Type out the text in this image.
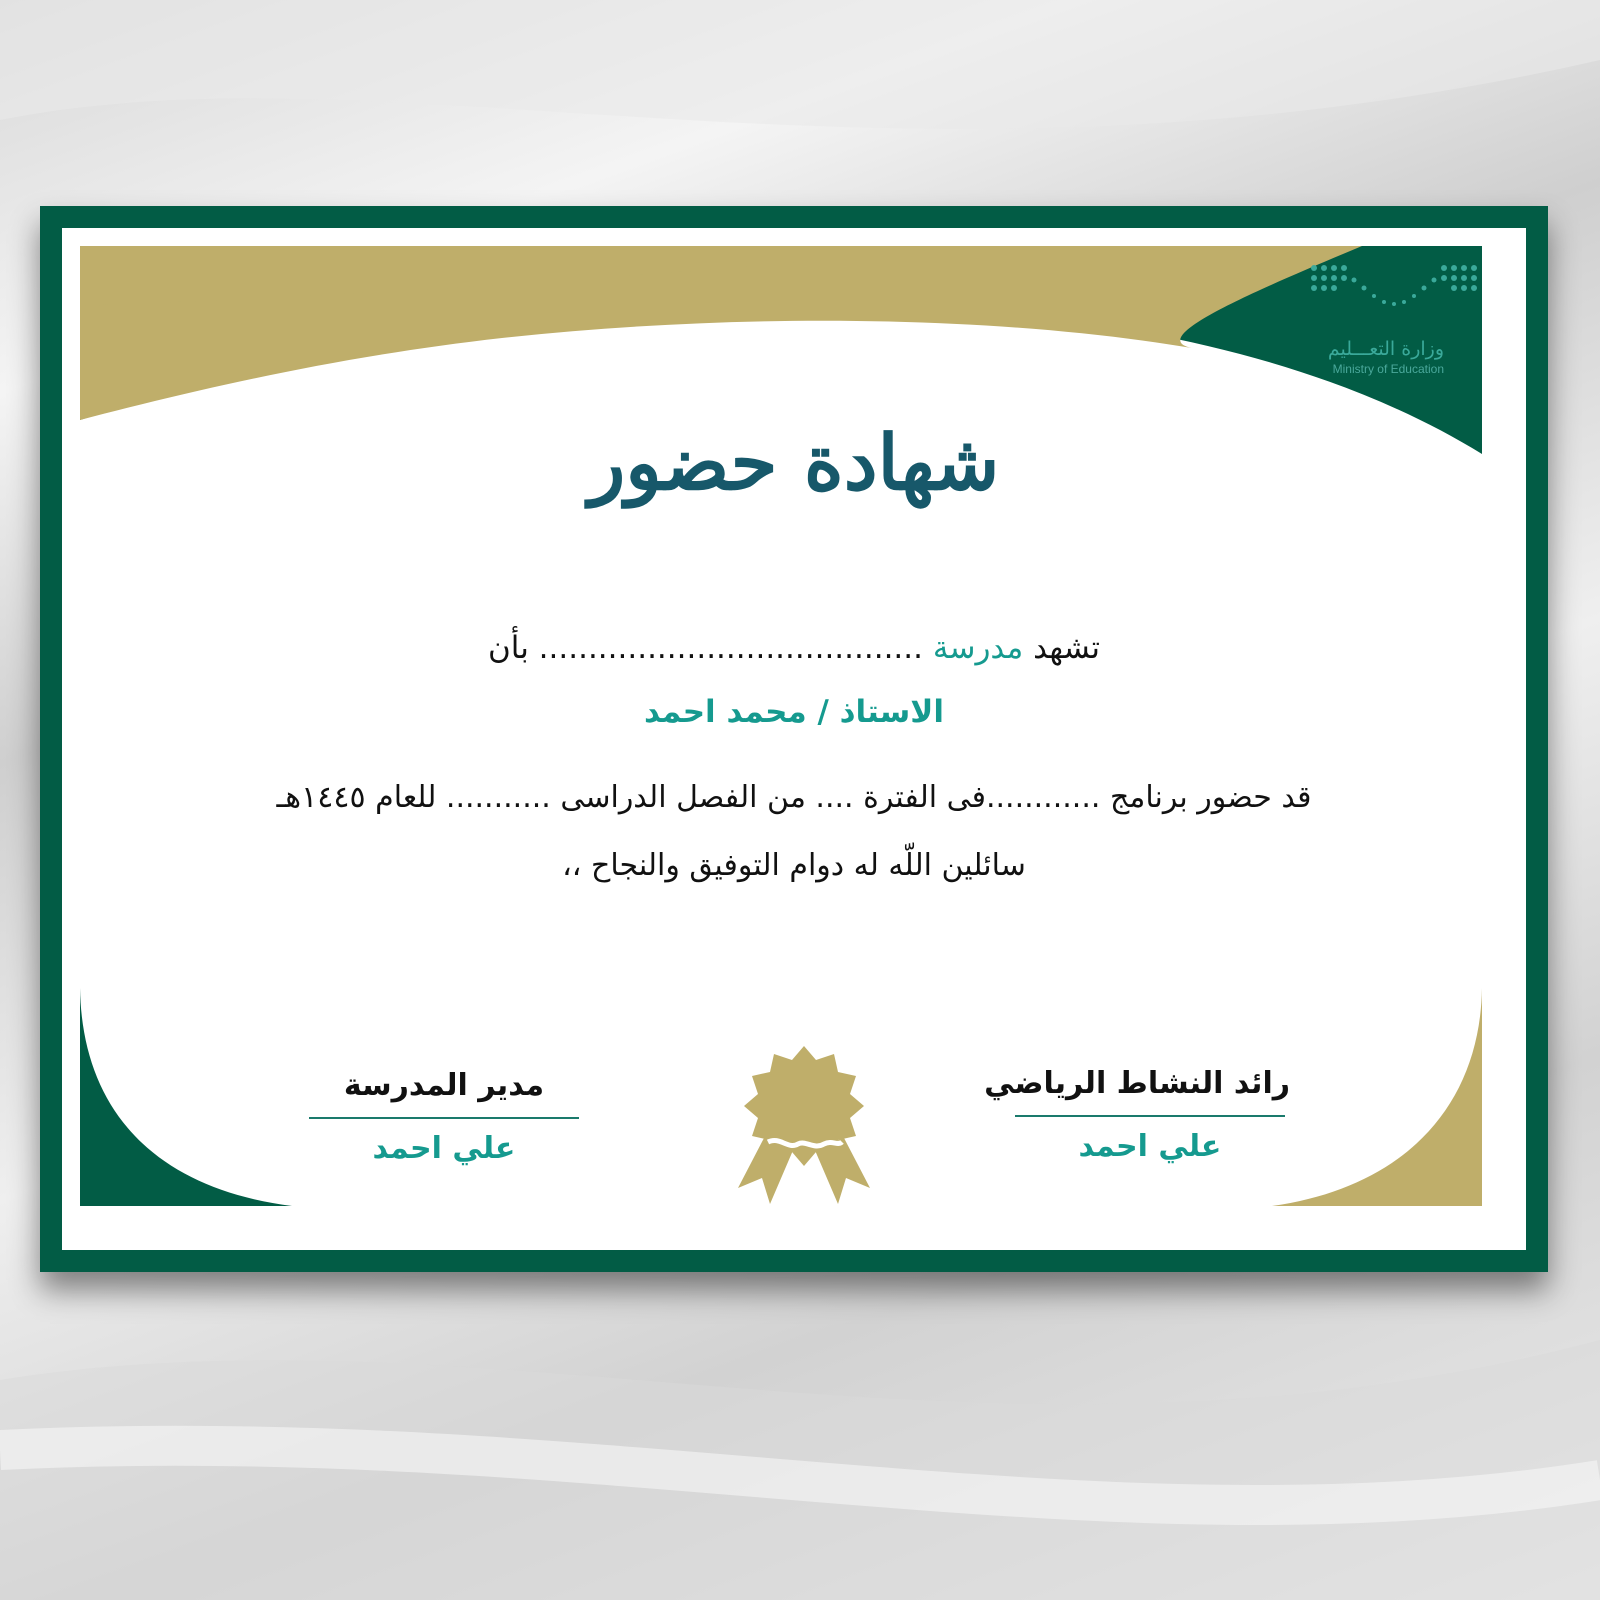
وزارة التعـــليم
Ministry of Education
شهادة حضور
تشهد مدرسة ....................................... بأن
الاستاذ / محمد احمد
قد حضور برنامج ............فى الفترة .... من الفصل الدراسى ........... للعام ١٤٤٥هـ
سائلين اللّه له دوام التوفيق والنجاح ،،
رائد النشاط الرياضي
علي احمد
مدير المدرسة
علي احمد
